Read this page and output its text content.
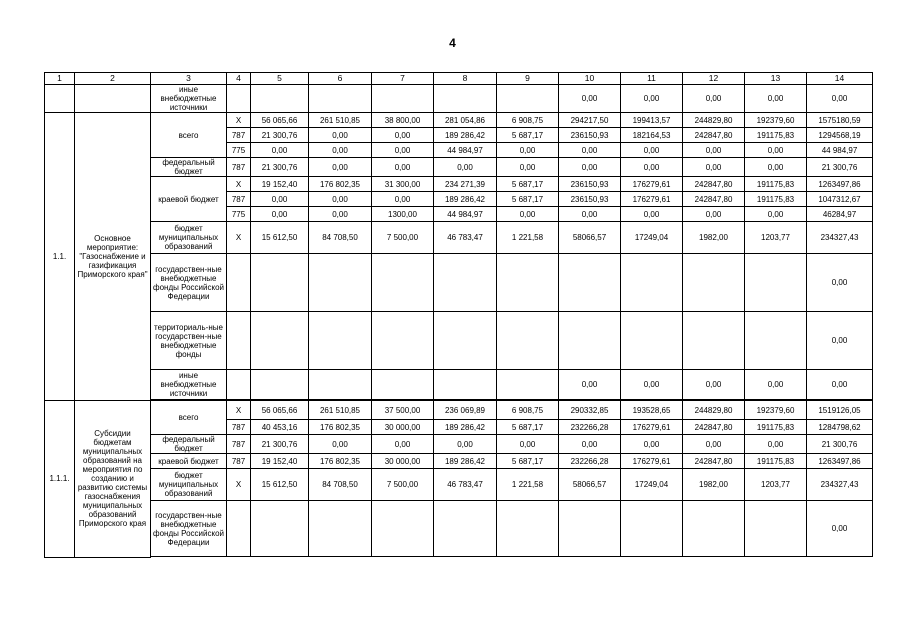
4
1	2	3	4	5	6	7	8	9	10	11	12	13	14
		иные внебюджетные источники							0,00	0,00	0,00	0,00	0,00
1.1.	Основное мероприятие: "Газоснабжение и газификация Приморского края"	всего	X	56 065,66	261 510,85	38 800,00	281 054,86	6 908,75	294217,50	199413,57	244829,80	192379,60	1575180,59
			787	21 300,76	0,00	0,00	189 286,42	5 687,17	236150,93	182164,53	242847,80	191175,83	1294568,19
			775	0,00	0,00	0,00	44 984,97	0,00	0,00	0,00	0,00	0,00	44 984,97
		федеральный бюджет	787	21 300,76	0,00	0,00	0,00	0,00	0,00	0,00	0,00	0,00	21 300,76
		краевой бюджет	X	19 152,40	176 802,35	31 300,00	234 271,39	5 687,17	236150,93	176279,61	242847,80	191175,83	1263497,86
			787	0,00	0,00	0,00	189 286,42	5 687,17	236150,93	176279,61	242847,80	191175,83	1047312,67
			775	0,00	0,00	1300,00	44 984,97	0,00	0,00	0,00	0,00	0,00	46284,97
		бюджет муниципальных образований	X	15 612,50	84 708,50	7 500,00	46 783,47	1 221,58	58066,57	17249,04	1982,00	1203,77	234327,43
		государствен-ные внебюджетные фонды Российской Федерации											0,00
		территориаль-ные государствен-ные внебюджетные фонды											0,00
		иные внебюджетные источники							0,00	0,00	0,00	0,00	0,00

1.1.1.	Субсидии бюджетам муниципальных образований на мероприятия по созданию и развитию системы газоснабжения муниципальных образований Приморского края	всего	X	56 065,66	261 510,85	37 500,00	236 069,89	6 908,75	290332,85	193528,65	244829,80	192379,60	1519126,05
			787	40 453,16	176 802,35	30 000,00	189 286,42	5 687,17	232266,28	176279,61	242847,80	191175,83	1284798,62
		федеральный бюджет	787	21 300,76	0,00	0,00	0,00	0,00	0,00	0,00	0,00	0,00	21 300,76
		краевой бюджет	787	19 152,40	176 802,35	30 000,00	189 286,42	5 687,17	232266,28	176279,61	242847,80	191175,83	1263497,86
		бюджет муниципальных образований	X	15 612,50	84 708,50	7 500,00	46 783,47	1 221,58	58066,57	17249,04	1982,00	1203,77	234327,43
		государствен-ные внебюджетные фонды Российской Федерации											0,00
